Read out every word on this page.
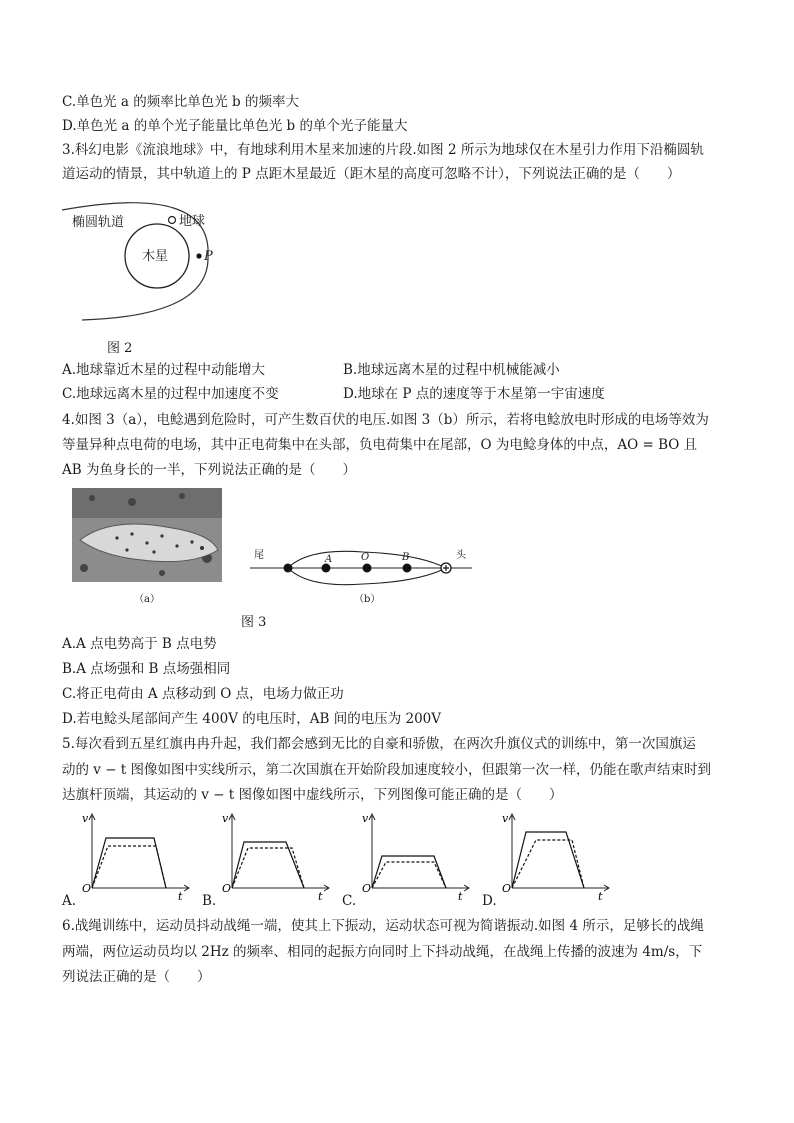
C.单色光 a 的频率比单色光 b 的频率大
D.单色光 a 的单个光子能量比单色光 b 的单个光子能量大
3.科幻电影《流浪地球》中，有地球利用木星来加速的片段.如图 2 所示为地球仅在木星引力作用下沿椭圆轨
道运动的情景，其中轨道上的 P 点距木星最近（距木星的高度可忽略不计），下列说法正确的是（　　）
椭圆轨道	地球
木星	P
图 2
A.地球靠近木星的过程中动能增大	B.地球远离木星的过程中机械能减小
C.地球远离木星的过程中加速度不变	D.地球在 P 点的速度等于木星第一宇宙速度
4.如图 3（a），电鲶遇到危险时，可产生数百伏的电压.如图 3（b）所示，若将电鲶放电时形成的电场等效为
等量异种点电荷的电场，其中正电荷集中在头部，负电荷集中在尾部，O 为电鲶身体的中点，AO = BO 且
AB 为鱼身长的一半，下列说法正确的是（　　）
（a）
尾	A	O	B	头
（b）
图 3
A.A 点电势高于 B 点电势
B.A 点场强和 B 点场强相同
C.将正电荷由 A 点移动到 O 点，电场力做正功
D.若电鲶头尾部间产生 400V 的电压时，AB 间的电压为 200V
5.每次看到五星红旗冉冉升起，我们都会感到无比的自豪和骄傲，在两次升旗仪式的训练中，第一次国旗运
动的 v − t 图像如图中实线所示，第二次国旗在开始阶段加速度较小，但跟第一次一样，仍能在歌声结束时到
达旗杆顶端，其运动的 v − t 图像如图中虚线所示，下列图像可能正确的是（　　）
A.
v
O
t B.
v
O
t C.
v
O
t D.
v
O
t
6.战绳训练中，运动员抖动战绳一端，使其上下振动，运动状态可视为简谐振动.如图 4 所示，足够长的战绳
两端，两位运动员均以 2Hz 的频率、相同的起振方向同时上下抖动战绳，在战绳上传播的波速为 4m/s，下
列说法正确的是（　　）
